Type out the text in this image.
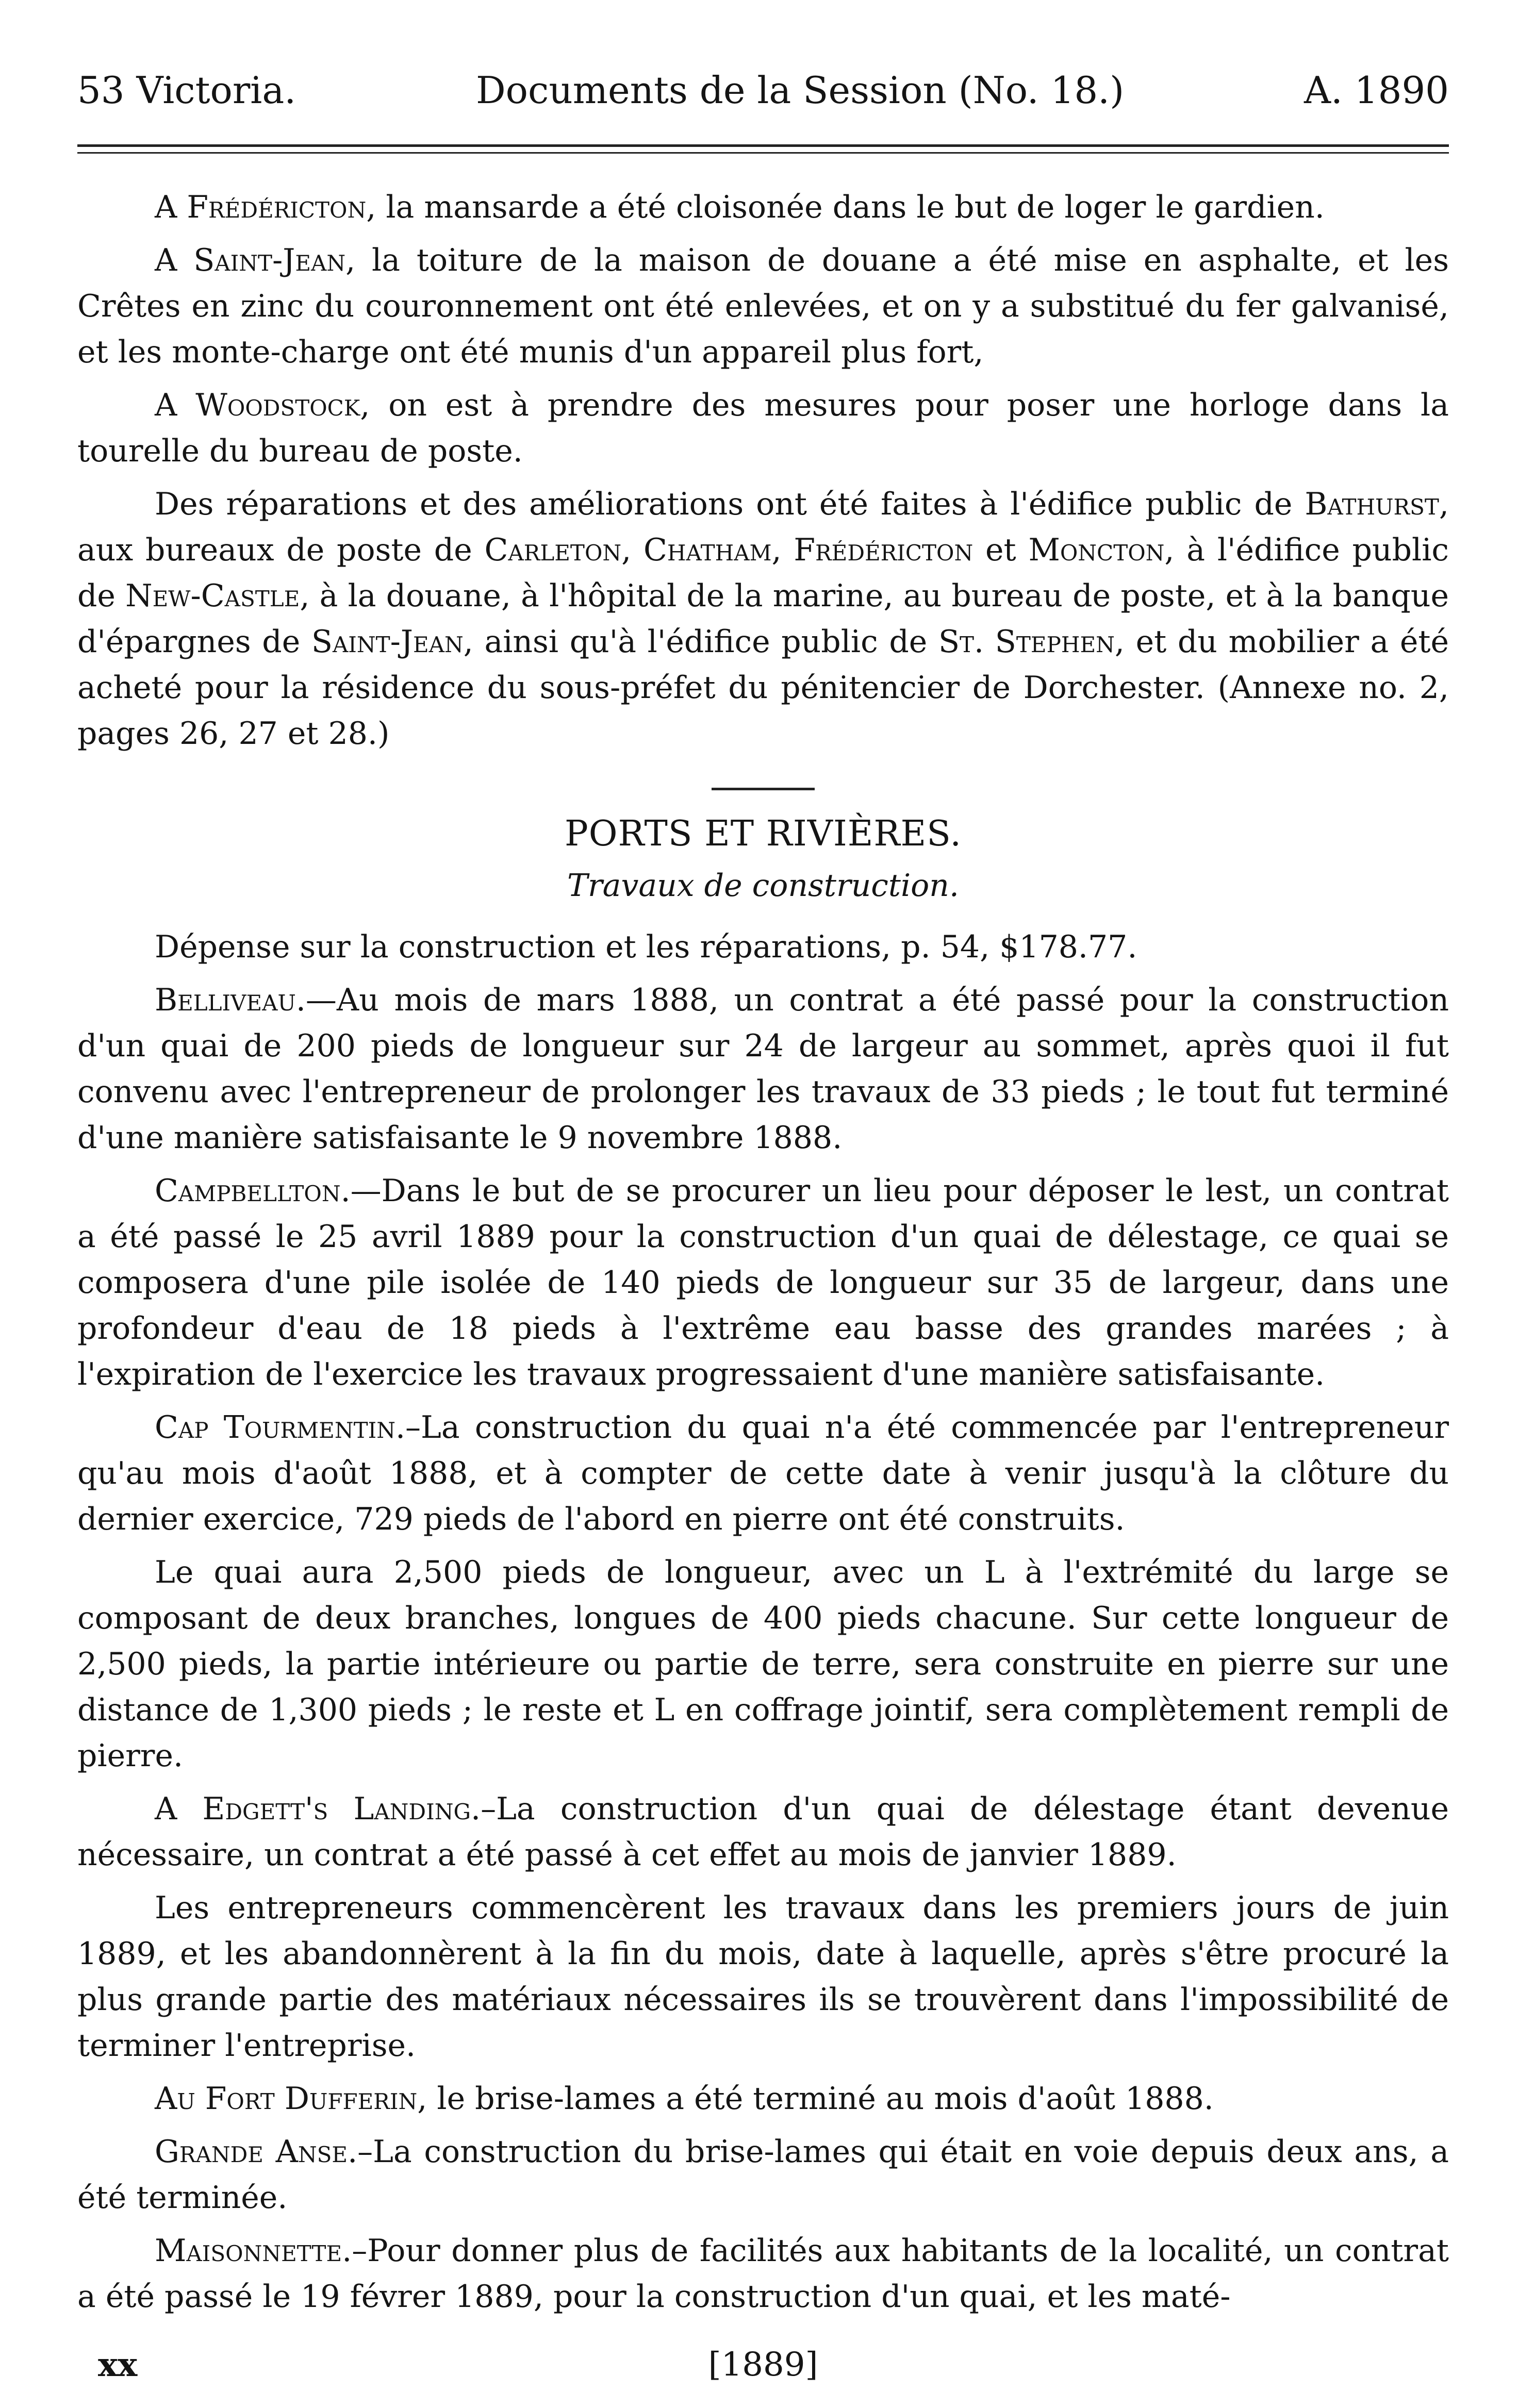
53 Victoria.	Documents de la Session (No. 18.)	A. 1890

A Frédéricton, la mansarde a été cloisonée dans le but de loger le gardien.

A Saint-Jean, la toiture de la maison de douane a été mise en asphalte, et les Crêtes en zinc du couronnement ont été enlevées, et on y a substitué du fer galvanisé, et les monte-charge ont été munis d'un appareil plus fort,

A Woodstock, on est à prendre des mesures pour poser une horloge dans la tourelle du bureau de poste.

Des réparations et des améliorations ont été faites à l'édifice public de Bathurst, aux bureaux de poste de Carleton, Chatham, Frédéricton et Moncton, à l'édifice public de New-Castle, à la douane, à l'hôpital de la marine, au bureau de poste, et à la banque d'épargnes de Saint-Jean, ainsi qu'à l'édifice public de St. Stephen, et du mobilier a été acheté pour la résidence du sous-préfet du pénitencier de Dorchester. (Annexe no. 2, pages 26, 27 et 28.)

PORTS ET RIVIÈRES.
Travaux de construction.

Dépense sur la construction et les réparations, p. 54, $178.77.

Belliveau.—Au mois de mars 1888, un contrat a été passé pour la construction d'un quai de 200 pieds de longueur sur 24 de largeur au sommet, après quoi il fut convenu avec l'entrepreneur de prolonger les travaux de 33 pieds ; le tout fut terminé d'une manière satisfaisante le 9 novembre 1888.

Campbellton.—Dans le but de se procurer un lieu pour déposer le lest, un contrat a été passé le 25 avril 1889 pour la construction d'un quai de délestage, ce quai se composera d'une pile isolée de 140 pieds de longueur sur 35 de largeur, dans une profondeur d'eau de 18 pieds à l'extrême eau basse des grandes marées ; à l'expiration de l'exercice les travaux progressaient d'une manière satisfaisante.

Cap Tourmentin.–La construction du quai n'a été commencée par l'entrepreneur qu'au mois d'août 1888, et à compter de cette date à venir jusqu'à la clôture du dernier exercice, 729 pieds de l'abord en pierre ont été construits.

Le quai aura 2,500 pieds de longueur, avec un L à l'extrémité du large se composant de deux branches, longues de 400 pieds chacune. Sur cette longueur de 2,500 pieds, la partie intérieure ou partie de terre, sera construite en pierre sur une distance de 1,300 pieds ; le reste et L en coffrage jointif, sera complètement rempli de pierre.

A Edgett's Landing.–La construction d'un quai de délestage étant devenue nécessaire, un contrat a été passé à cet effet au mois de janvier 1889.

Les entrepreneurs commencèrent les travaux dans les premiers jours de juin 1889, et les abandonnèrent à la fin du mois, date à laquelle, après s'être procuré la plus grande partie des matériaux nécessaires ils se trouvèrent dans l'impossibilité de terminer l'entreprise.

Au Fort Dufferin, le brise-lames a été terminé au mois d'août 1888.

Grande Anse.–La construction du brise-lames qui était en voie depuis deux ans, a été terminée.

Maisonnette.–Pour donner plus de facilités aux habitants de la localité, un contrat a été passé le 19 févrer 1889, pour la construction d'un quai, et les maté-

xx	[1889]
